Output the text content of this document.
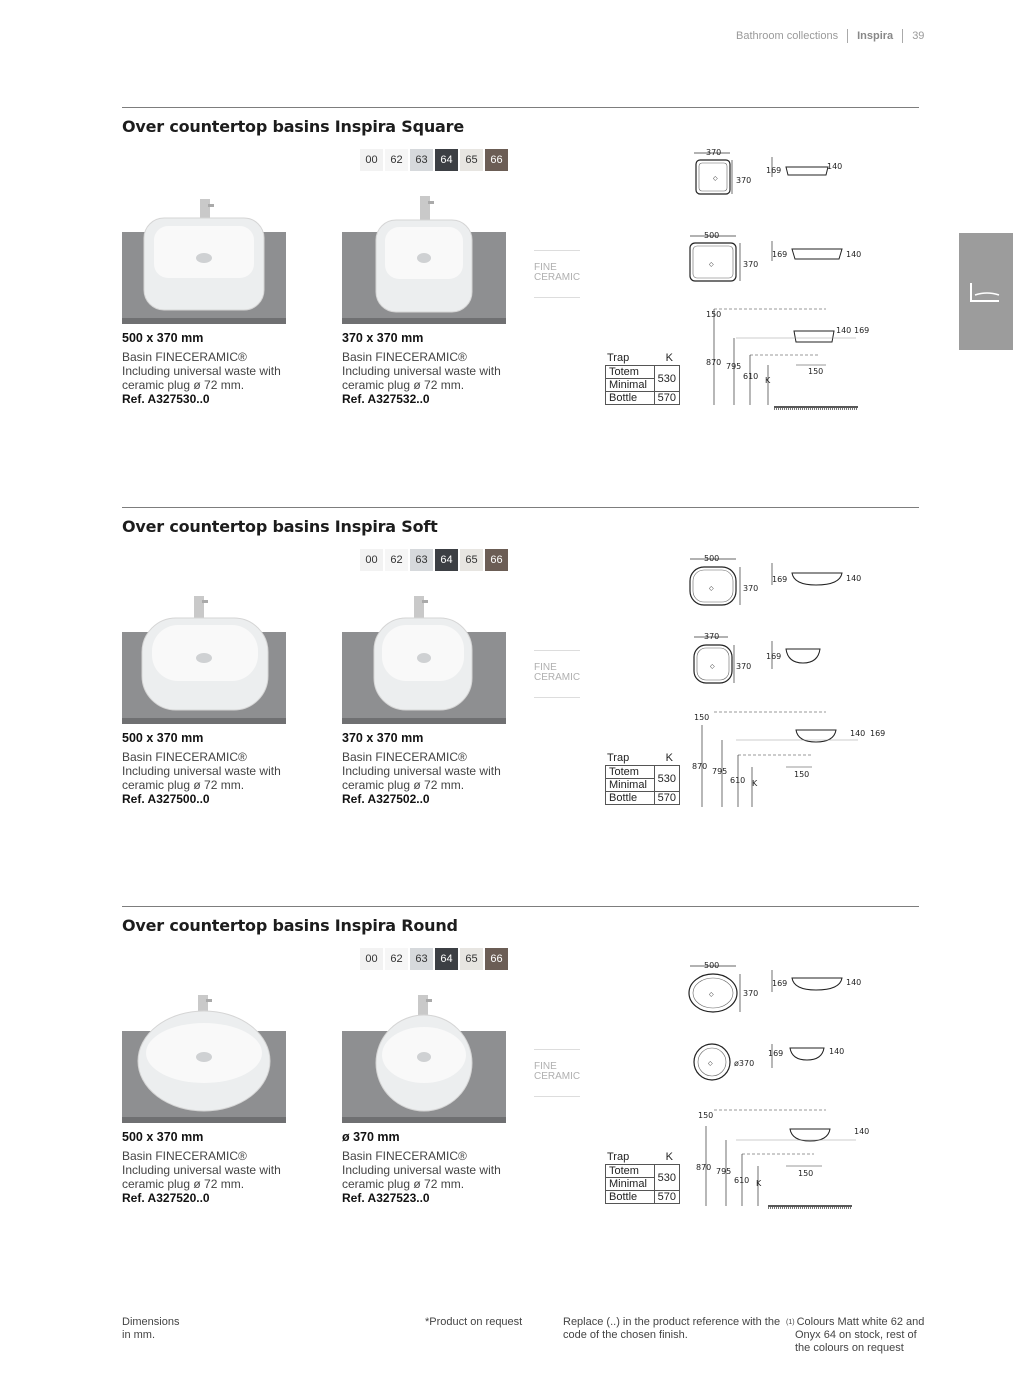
Bathroom collections Inspira 39
Over countertop basins Inspira Square
00	62	63	64	65	66
500 x 370 mm
Basin FINECERAMIC®
Including universal waste with
ceramic plug ø 72 mm.
Ref. A327530..0
370 x 370 mm
Basin FINECERAMIC®
Including universal waste with
ceramic plug ø 72 mm.
Ref. A327532..0
FINE CERAMIC
Trap	K
Totem	530
Minimal	
Bottle	570
370
◇ 370
169	140
500
◇	370
169	140
150
140 169
870 795
610 K
150
Over countertop basins Inspira Soft
00	62	63	64	65	66
500 x 370 mm
Basin FINECERAMIC®
Including universal waste with
ceramic plug ø 72 mm.
Ref. A327500..0
370 x 370 mm
Basin FINECERAMIC®
Including universal waste with
ceramic plug ø 72 mm.
Ref. A327502..0
FINE CERAMIC
Trap	K
Totem	530
Minimal	
Bottle	570
500
◇	370
169	140
370
◇	370
169
150
140 169
870
795
610 K
150
Over countertop basins Inspira Round
00	62	63	64	65	66
500 x 370 mm
Basin FINECERAMIC®
Including universal waste with
ceramic plug ø 72 mm.
Ref. A327520..0
ø 370 mm
Basin FINECERAMIC®
Including universal waste with
ceramic plug ø 72 mm.
Ref. A327523..0
FINE CERAMIC
Trap	K
Totem	530
Minimal	
Bottle	570
500
◇	370
169	140
◇	ø370
169	140
150
140
870 795
610 K
150
Dimensions
in mm.
*Product on request	Replace (..) in the product reference with the
code of the chosen finish.
(1) Colours Matt white 62 and
Onyx 64 on stock, rest of
the colours on request
